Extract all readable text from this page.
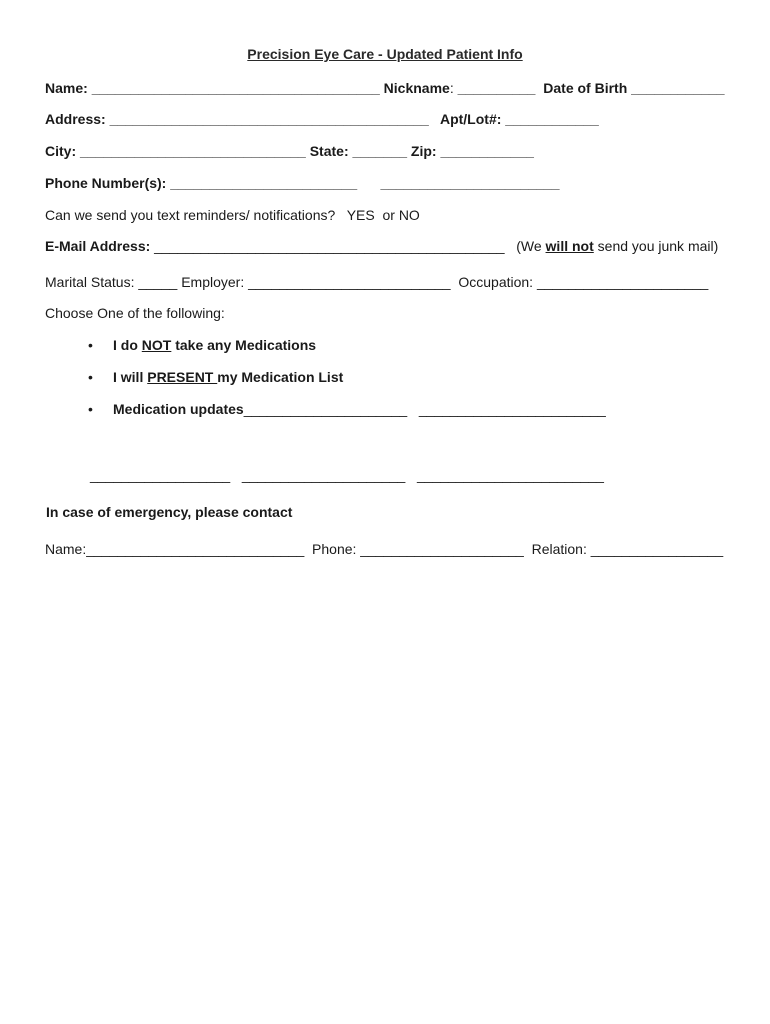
Precision Eye Care - Updated Patient Info
Name: _____________________________________ Nickname: __________ Date of Birth ____________
Address: _________________________________________ Apt/Lot#: ____________
City: _____________________________ State: _______ Zip: ____________
Phone Number(s): ________________________ _______________________
Can we send you text reminders/ notifications? YES  or NO
E-Mail Address: _____________________________________________ (We will not send you junk mail)
Marital Status: _____ Employer: __________________________ Occupation: ______________________
Choose One of the following:
• I do NOT take any Medications
• I will PRESENT my Medication List
• Medication updates_____________________ ________________________
__________________ _____________________ ________________________
In case of emergency, please contact
Name:____________________________ Phone: _____________________ Relation: _________________
